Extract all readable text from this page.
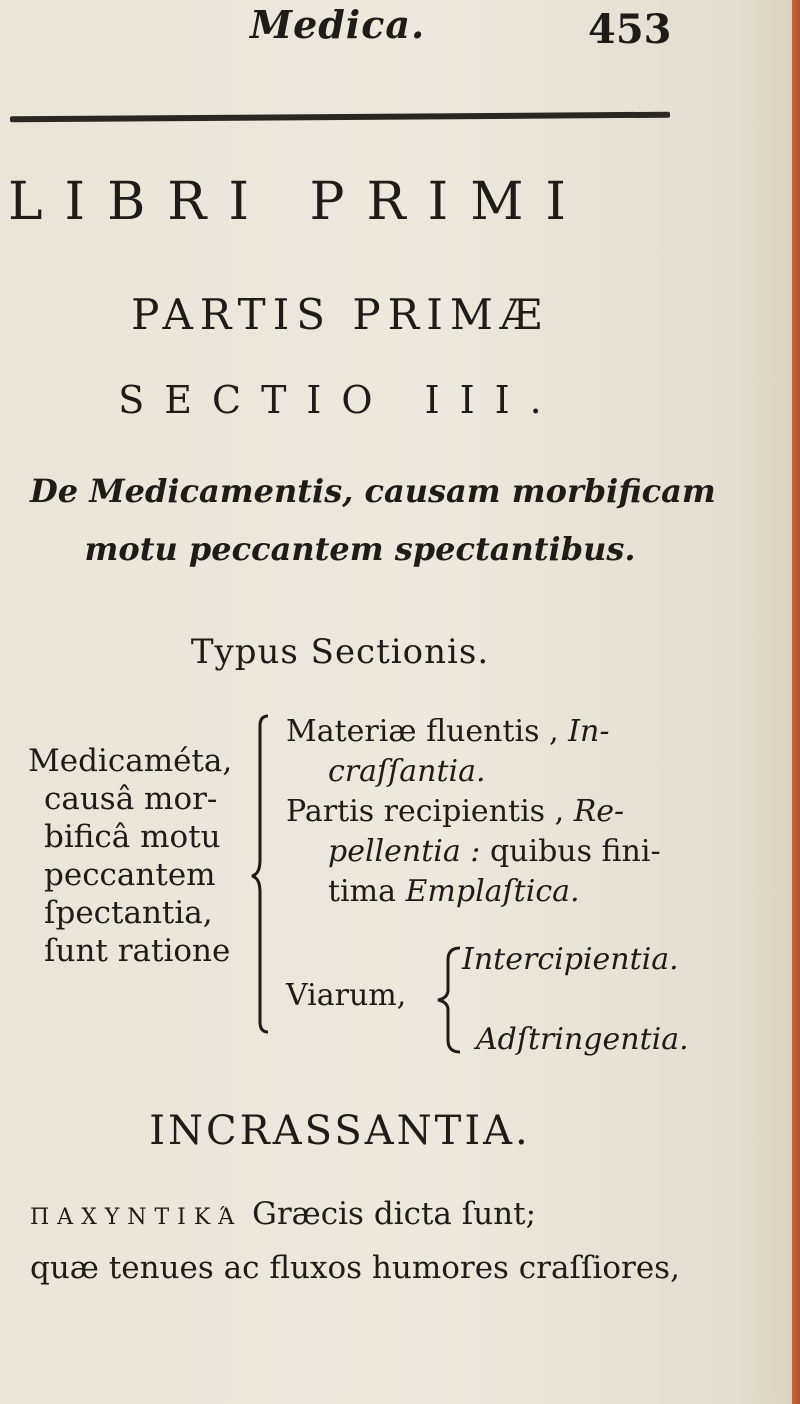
Medica.	453
LIBRI PRIMI
PARTIS PRIMÆ
SECTIO III.
De Medicamentis, causam morbificam
motu peccantem spectantibus.
Typus Sectionis.
Medicaméta,
causâ mor-
bificâ motu
peccantem
ſpectantia,
ſunt ratione
Materiæ fluentis , In-
craſſantia.
Partis recipientis , Re-
pellentia : quibus fini-
tima Emplaſtica.
Viarum,
Intercipientia.
Adſtringentia.
INCRASSANTIA.
ΠΑΧΥΝΤΙΚΆ Græcis dicta ſunt;
quæ tenues ac fluxos humores craſſiores,
